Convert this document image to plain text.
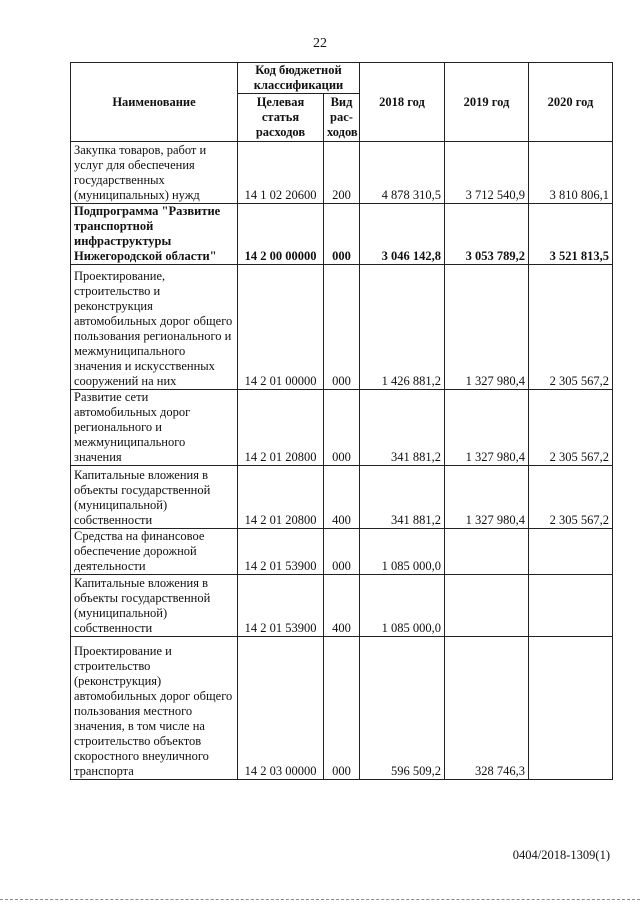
22
Наименование	Код бюджетной классификации		2018 год	2019 год	2020 год
	Целевая статья расходов	Вид рас-ходов			
Закупка товаров, работ и услуг для обеспечения государственных (муниципальных) нужд	14 1 02 20600	200	4 878 310,5	3 712 540,9	3 810 806,1
Подпрограмма "Развитие транспортной инфраструктуры Нижегородской области"	14 2 00 00000	000	3 046 142,8	3 053 789,2	3 521 813,5
Проектирование, строительство и реконструкция автомобильных дорог общего пользования регионального и межмуниципального значения и искусственных сооружений на них	14 2 01 00000	000	1 426 881,2	1 327 980,4	2 305 567,2
Развитие сети автомобильных дорог регионального и межмуниципального значения	14 2 01 20800	000	341 881,2	1 327 980,4	2 305 567,2
Капитальные вложения в объекты государственной (муниципальной) собственности	14 2 01 20800	400	341 881,2	1 327 980,4	2 305 567,2
Средства на финансовое обеспечение дорожной деятельности	14 2 01 53900	000	1 085 000,0		
Капитальные вложения в объекты государственной (муниципальной) собственности	14 2 01 53900	400	1 085 000,0		
Проектирование и строительство (реконструкция) автомобильных дорог общего пользования местного значения, в том числе на строительство объектов скоростного внеуличного транспорта	14 2 03 00000	000	596 509,2	328 746,3	
0404/2018-1309(1)
